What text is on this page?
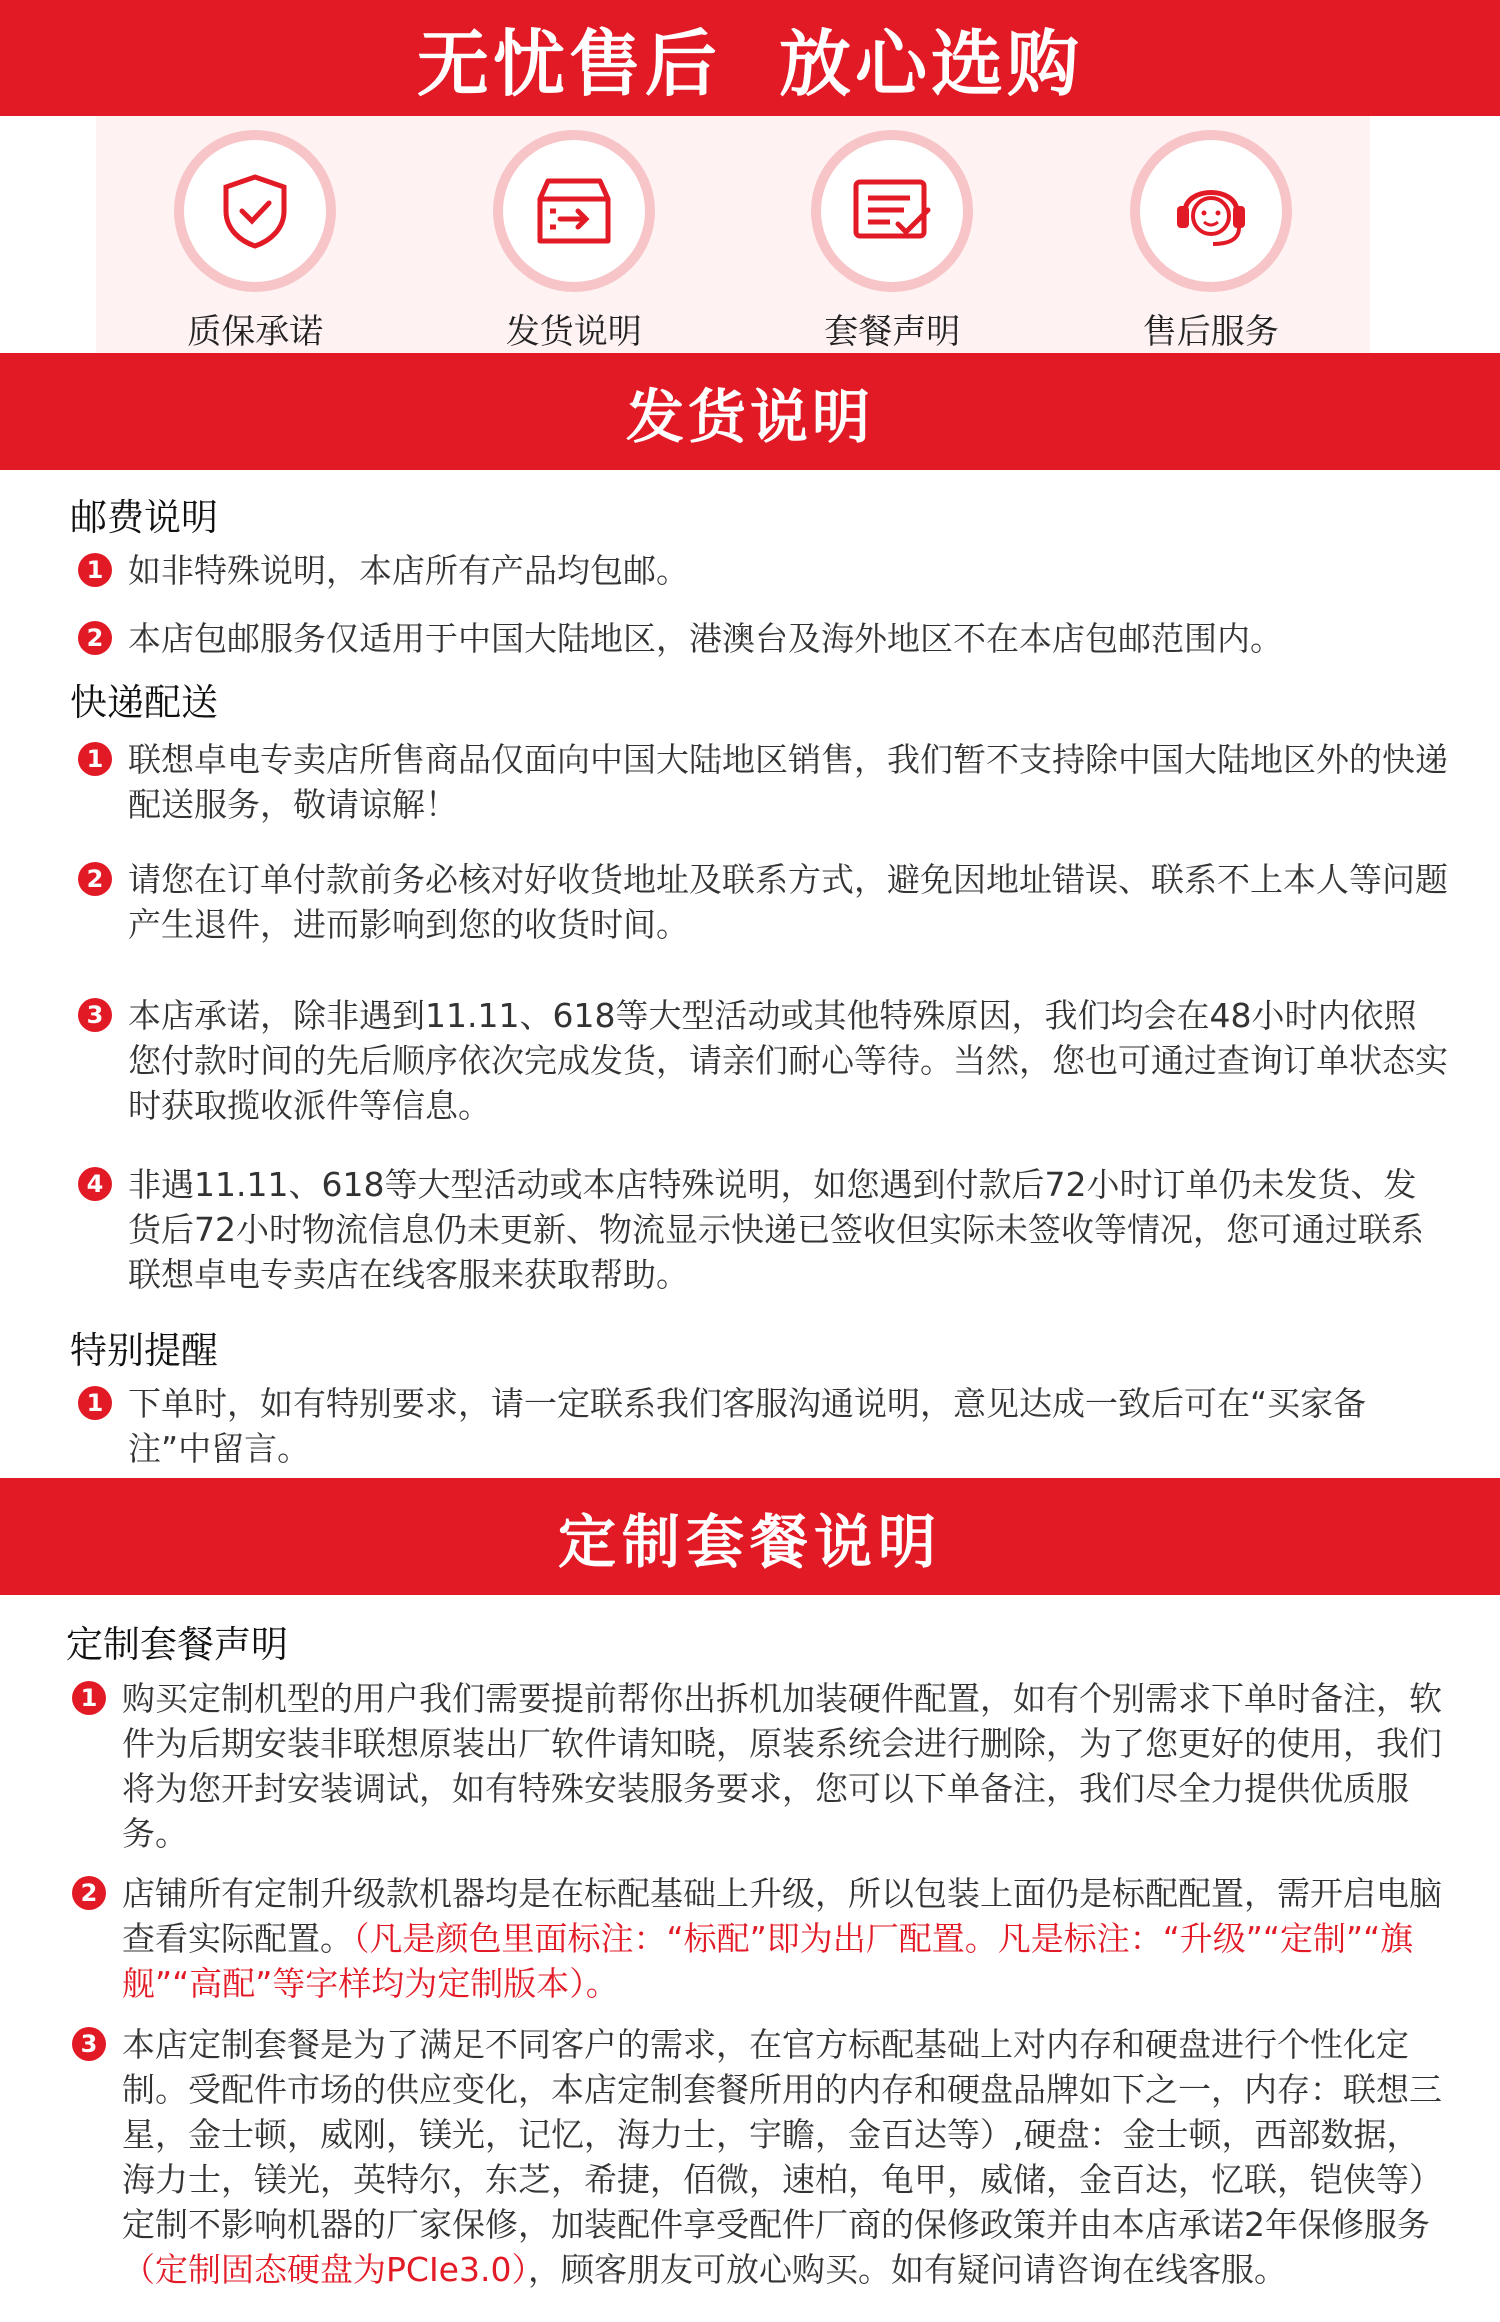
无忧售后  放心选购
质保承诺	发货说明	套餐声明	售后服务
发货说明
邮费说明
1 如非特殊说明，本店所有产品均包邮。
2 本店包邮服务仅适用于中国大陆地区，港澳台及海外地区不在本店包邮范围内。
快递配送
1 联想卓电专卖店所售商品仅面向中国大陆地区销售，我们暂不支持除中国大陆地区外的快递配送服务，敬请谅解！
2 请您在订单付款前务必核对好收货地址及联系方式，避免因地址错误、联系不上本人等问题产生退件，进而影响到您的收货时间。
3 本店承诺，除非遇到11.11、618等大型活动或其他特殊原因，我们均会在48小时内依照您付款时间的先后顺序依次完成发货，请亲们耐心等待。当然，您也可通过查询订单状态实时获取揽收派件等信息。
4 非遇11.11、618等大型活动或本店特殊说明，如您遇到付款后72小时订单仍未发货、发货后72小时物流信息仍未更新、物流显示快递已签收但实际未签收等情况，您可通过联系联想卓电专卖店在线客服来获取帮助。
特别提醒
1 下单时，如有特别要求，请一定联系我们客服沟通说明，意见达成一致后可在“买家备注”中留言。
定制套餐说明
定制套餐声明
1 购买定制机型的用户我们需要提前帮你出拆机加装硬件配置，如有个别需求下单时备注，软件为后期安装非联想原装出厂软件请知晓，原装系统会进行删除，为了您更好的使用，我们将为您开封安装调试，如有特殊安装服务要求，您可以下单备注，我们尽全力提供优质服务。
2 店铺所有定制升级款机器均是在标配基础上升级，所以包装上面仍是标配配置，需开启电脑 查看实际配置。（凡是颜色里面标注：“标配”即为出厂配置。凡是标注：“升级”“定制”“旗舰”“高配”等字样均为定制版本）。
3 本店定制套餐是为了满足不同客户的需求，在官方标配基础上对内存和硬盘进行个性化定制。受配件市场的供应变化，本店定制套餐所用的内存和硬盘品牌如下之一，内存：联想三星，金士顿，威刚，镁光，记忆，海力士，宇瞻，金百达等）,硬盘：金士顿，西部数据，海力士，镁光，英特尔，东芝，希捷，佰微，速柏，龟甲，威储，金百达，忆联，铠侠等）定制不影响机器的厂家保修，加装配件享受配件厂商的保修政策并由本店承诺2年保修服务（定制固态硬盘为PCIe3.0），顾客朋友可放心购买。如有疑问请咨询在线客服。
